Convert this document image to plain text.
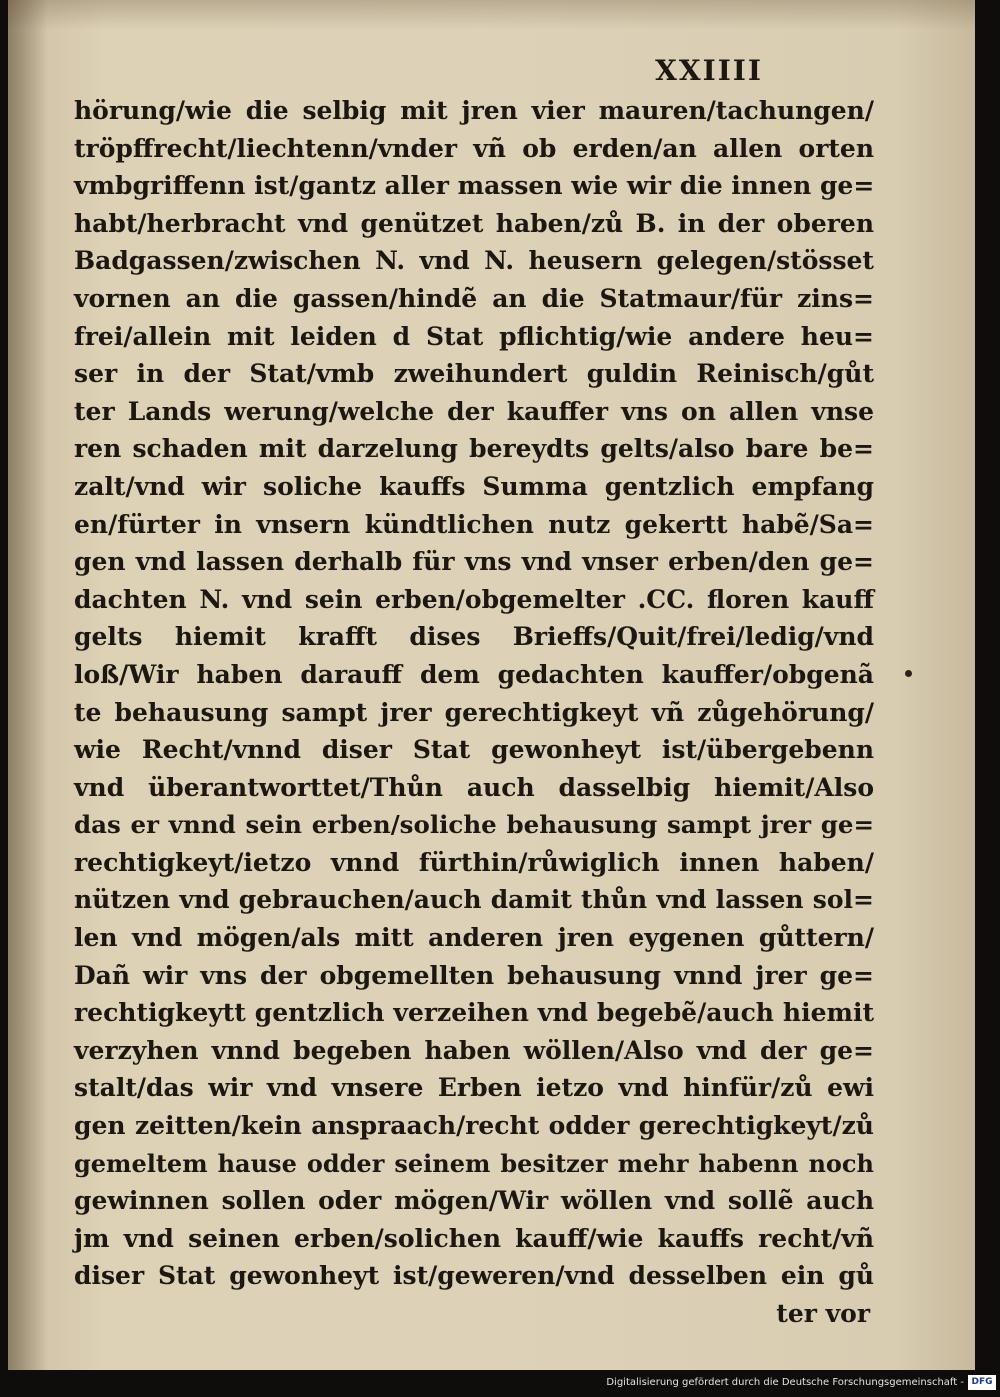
XXIIII
hörung/wie die selbig mit jren vier mauren/tachungen/
tröpffrecht/liechtenn/vnder vñ ob erden/an allen orten
vmbgriffenn ist/gantz aller massen wie wir die innen ge=
habt/herbracht vnd genützet haben/zů B. in der oberen
Badgassen/zwischen N. vnd N. heusern gelegen/stösset
vornen an die gassen/hindẽ an die Statmaur/für zins=
frei/allein mit leiden d Stat pflichtig/wie andere heu=
ser in der Stat/vmb zweihundert guldin Reinisch/gůt
ter Lands werung/welche der kauffer vns on allen vnse
ren schaden mit darzelung bereydts gelts/also bare be=
zalt/vnd wir soliche kauffs Summa gentzlich empfang
en/fürter in vnsern kündtlichen nutz gekertt habẽ/Sa=
gen vnd lassen derhalb für vns vnd vnser erben/den ge=
dachten N. vnd sein erben/obgemelter .CC. floren kauff
gelts hiemit krafft dises Brieffs/Quit/frei/ledig/vnd
loß/Wir haben darauff dem gedachten kauffer/obgenã
te behausung sampt jrer gerechtigkeyt vñ zůgehörung/
wie Recht/vnnd diser Stat gewonheyt ist/übergebenn
vnd überantworttet/Thůn auch dasselbig hiemit/Also
das er vnnd sein erben/soliche behausung sampt jrer ge=
rechtigkeyt/ietzo vnnd fürthin/růwiglich innen haben/
nützen vnd gebrauchen/auch damit thůn vnd lassen sol=
len vnd mögen/als mitt anderen jren eygenen gůttern/
Dañ wir vns der obgemellten behausung vnnd jrer ge=
rechtigkeytt gentzlich verzeihen vnd begebẽ/auch hiemit
verzyhen vnnd begeben haben wöllen/Also vnd der ge=
stalt/das wir vnd vnsere Erben ietzo vnd hinfür/zů ewi
gen zeitten/kein anspraach/recht odder gerechtigkeyt/zů
gemeltem hause odder seinem besitzer mehr habenn noch
gewinnen sollen oder mögen/Wir wöllen vnd sollẽ auch
jm vnd seinen erben/solichen kauff/wie kauffs recht/vñ
diser Stat gewonheyt ist/geweren/vnd desselben ein gů
ter vor
Digitalisierung gefördert durch die Deutsche Forschungsgemeinschaft - DFG
